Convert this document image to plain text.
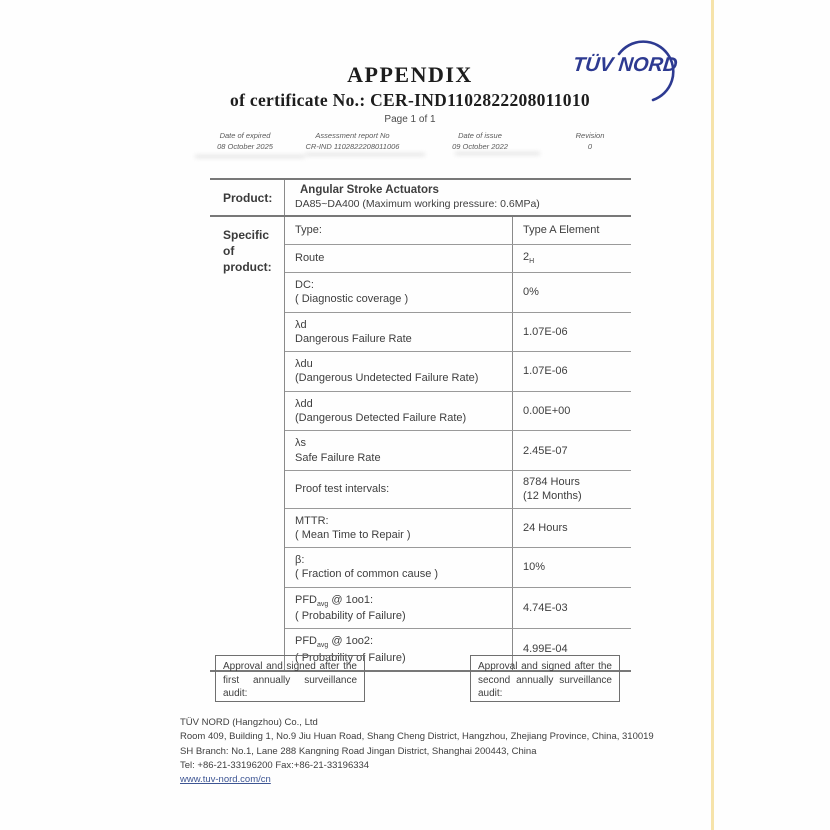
TÜV NORD
APPENDIX
of certificate No.: CER-IND1102822208011010
Page 1 of 1
Date of expired
08 October 2025
Assessment report No
CR-IND 1102822208011006
Date of issue
09 October 2022
Revision
0
Product:
Angular Stroke Actuators
DA85~DA400 (Maximum working pressure: 0.6MPa)
Specific of product:
Type:	Type A Element
Route	$2_H$
DC:
( Diagnostic coverage )
0%
λd
Dangerous Failure Rate
1.07E-06
λdu
(Dangerous Undetected Failure Rate)
1.07E-06
λdd
(Dangerous Detected Failure Rate)
0.00E+00
λs
Safe Failure Rate
2.45E-07
Proof test intervals:
8784 Hours
(12 Months)
MTTR:
( Mean Time to Repair )
24 Hours
β:
( Fraction of common cause )
10%
$PFD_{avg}$ @ 1oo1:
( Probability of Failure)
4.74E-03
$PFD_{avg}$ @ 1oo2:
( Probability of Failure)
4.99E-04
Approval and signed after the first annually surveillance audit:
Approval and signed after the second annually surveillance audit:
TÜV NORD (Hangzhou) Co., Ltd
Room 409, Building 1, No.9 Jiu Huan Road, Shang Cheng District, Hangzhou, Zhejiang Province, China, 310019
SH Branch: No.1, Lane 288 Kangning Road Jingan District, Shanghai 200443, China
Tel: +86-21-33196200 Fax:+86-21-33196334
www.tuv-nord.com/cn
